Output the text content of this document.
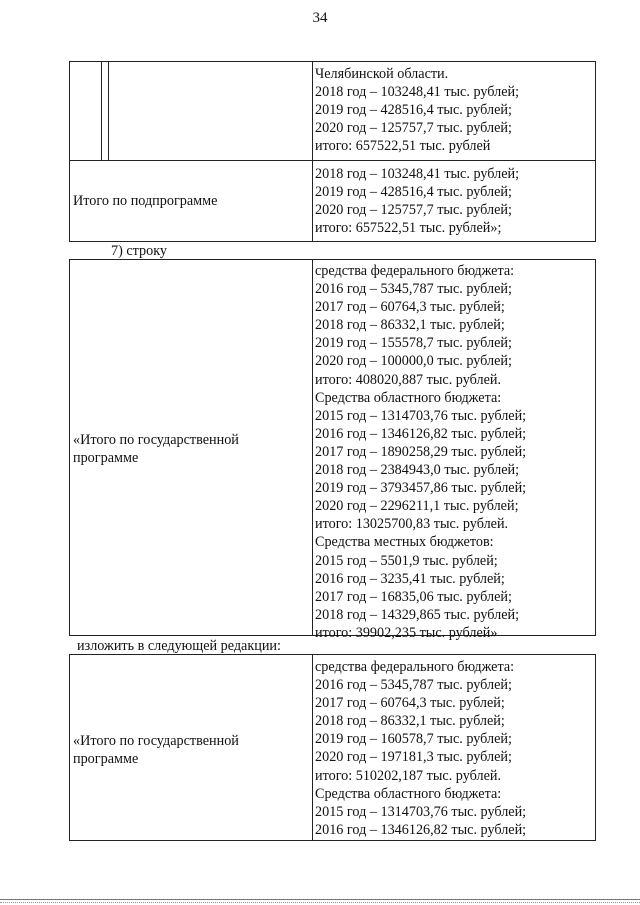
34
Челябинской области.
2018 год – 103248,41 тыс. рублей;
2019 год – 428516,4 тыс. рублей;
2020 год – 125757,7 тыс. рублей;
итого: 657522,51 тыс. рублей
Итого по подпрограмме
2018 год – 103248,41 тыс. рублей;
2019 год – 428516,4 тыс. рублей;
2020 год – 125757,7 тыс. рублей;
итого: 657522,51 тыс. рублей»;
7) строку
«Итого по государственной
программе
средства федерального бюджета:
2016 год – 5345,787 тыс. рублей;
2017 год – 60764,3 тыс. рублей;
2018 год – 86332,1 тыс. рублей;
2019 год – 155578,7 тыс. рублей;
2020 год – 100000,0 тыс. рублей;
итого: 408020,887 тыс. рублей.
Средства областного бюджета:
2015 год – 1314703,76 тыс. рублей;
2016 год – 1346126,82 тыс. рублей;
2017 год – 1890258,29 тыс. рублей;
2018 год – 2384943,0 тыс. рублей;
2019 год – 3793457,86 тыс. рублей;
2020 год – 2296211,1 тыс. рублей;
итого: 13025700,83 тыс. рублей.
Средства местных бюджетов:
2015 год – 5501,9 тыс. рублей;
2016 год – 3235,41 тыс. рублей;
2017 год – 16835,06 тыс. рублей;
2018 год – 14329,865 тыс. рублей;
итого: 39902,235 тыс. рублей»
изложить в следующей редакции:
«Итого по государственной
программе
средства федерального бюджета:
2016 год – 5345,787 тыс. рублей;
2017 год – 60764,3 тыс. рублей;
2018 год – 86332,1 тыс. рублей;
2019 год – 160578,7 тыс. рублей;
2020 год – 197181,3 тыс. рублей;
итого: 510202,187 тыс. рублей.
Средства областного бюджета:
2015 год – 1314703,76 тыс. рублей;
2016 год – 1346126,82 тыс. рублей;
